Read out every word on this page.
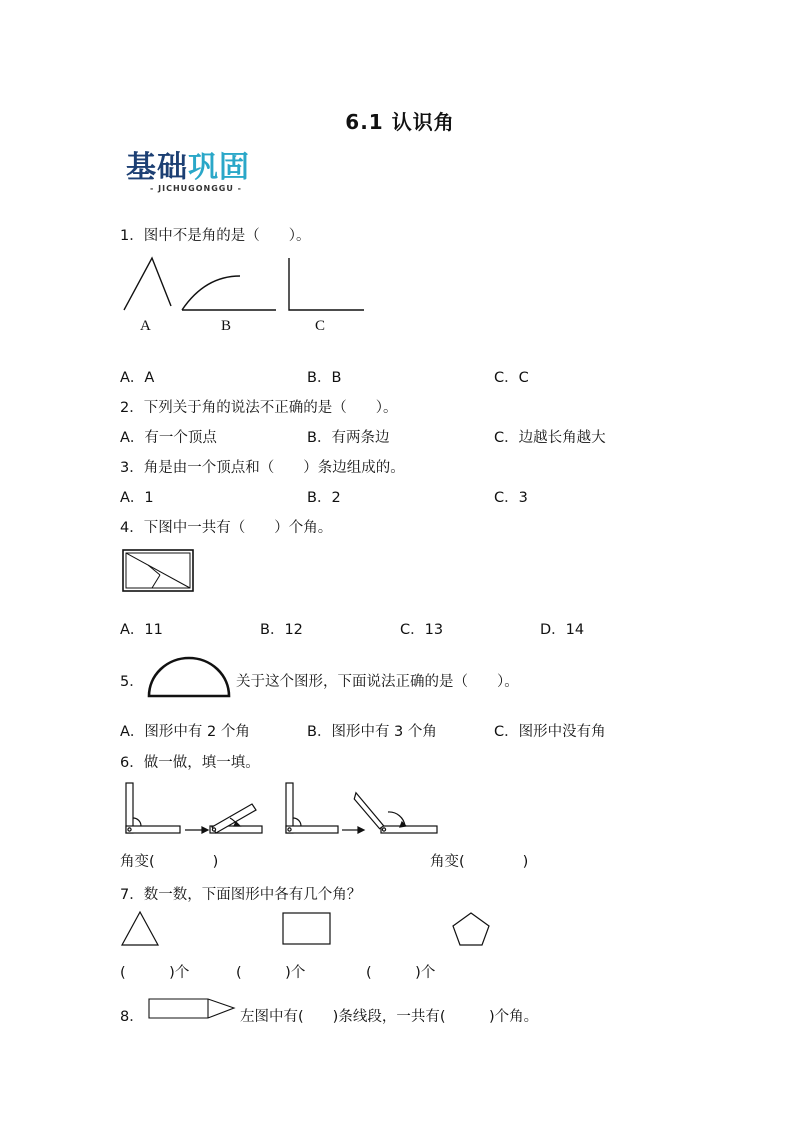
6.1 认识角
基础巩固
- JICHUGONGGU -
1．图中不是角的是（　　）。
A	B	C
A．A	B．B	C．C
2．下列关于角的说法不正确的是（　　）。
A．有一个顶点	B．有两条边	C．边越长角越大
3．角是由一个顶点和（　　）条边组成的。
A．1	B．2	C．3
4．下图中一共有（　　）个角。
A．11	B．12	C．13	D．14
5．	关于这个图形，下面说法正确的是（　　）。
A．图形中有 2 个角	B．图形中有 3 个角	C．图形中没有角
6．做一做，填一填。
角变(　　　　)	角变(　　　　)
7．数一数，下面图形中各有几个角？
(　　　)个	(　　　)个	(　　　)个
8．	左图中有(　　)条线段，一共有(　　　)个角。
